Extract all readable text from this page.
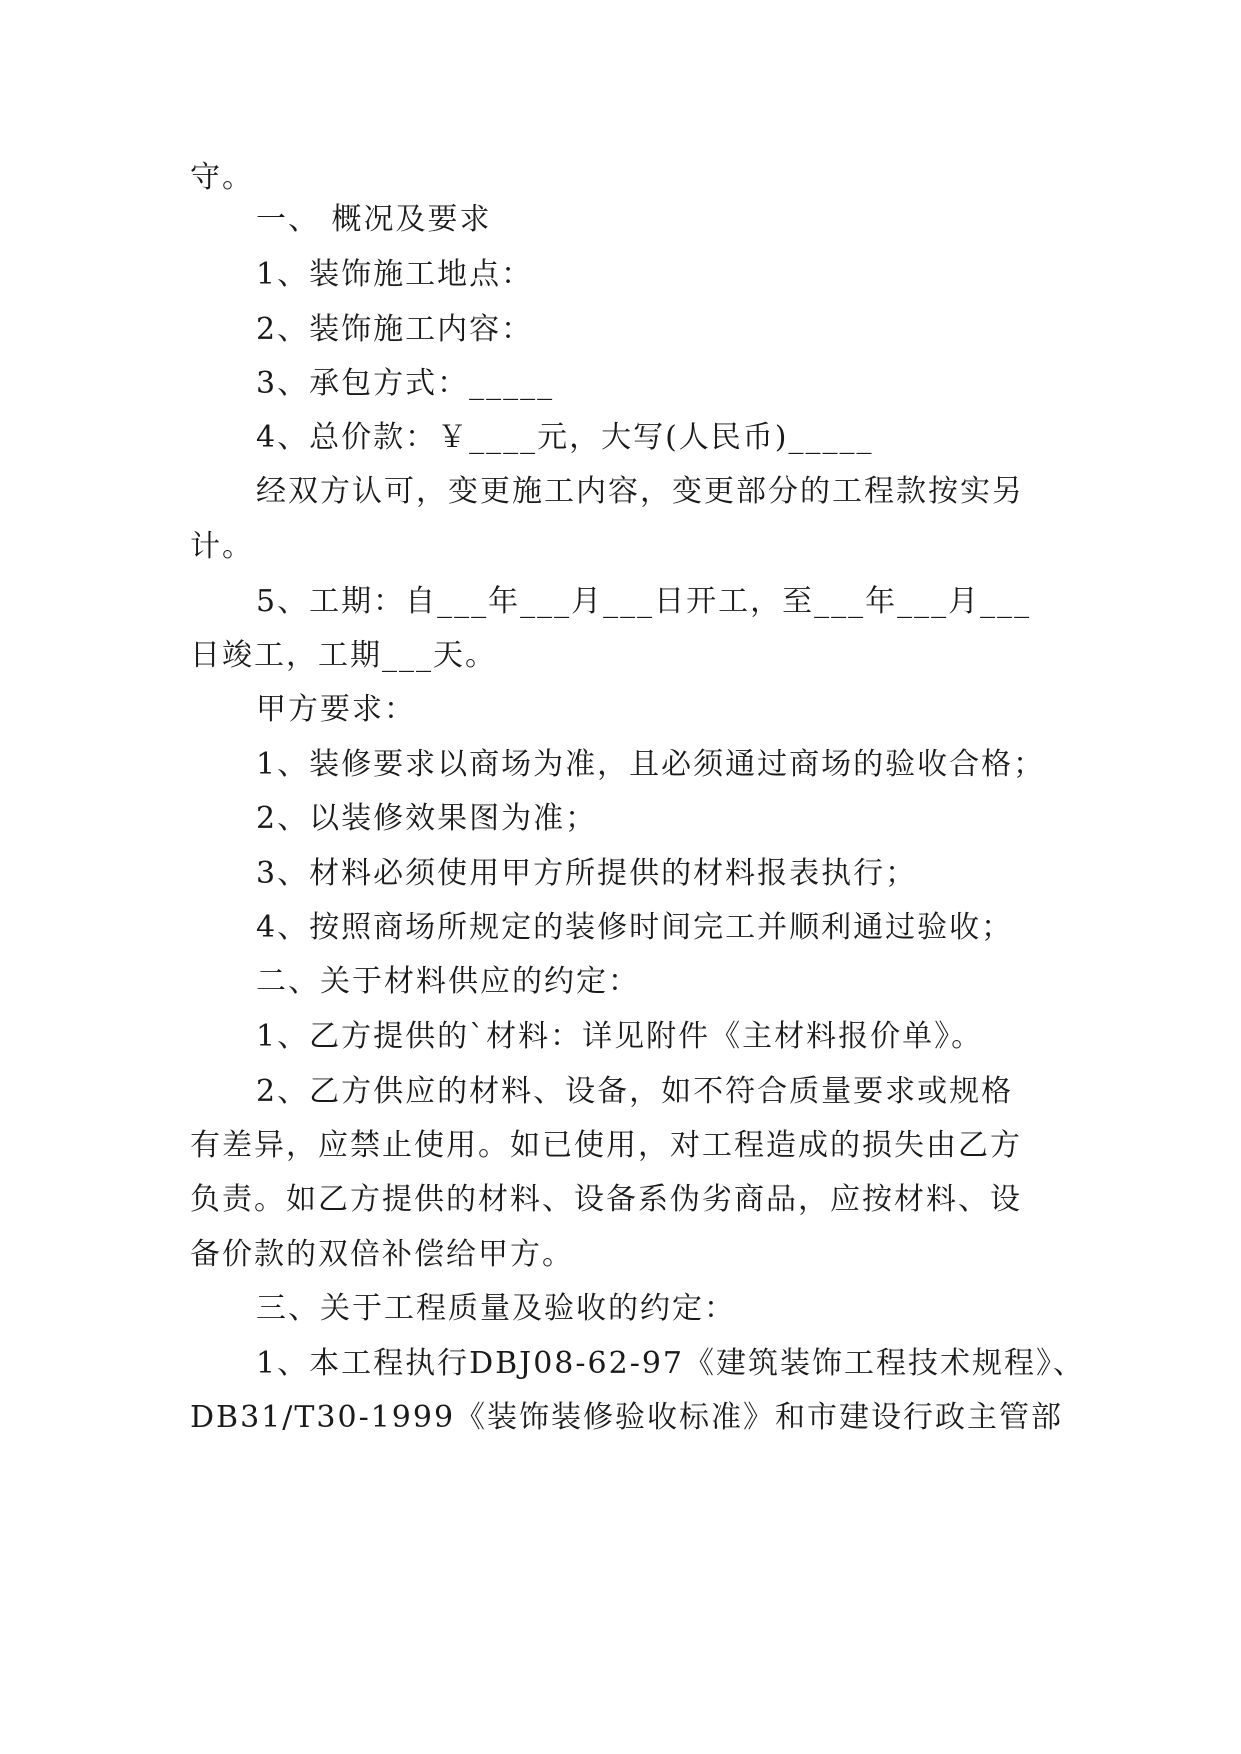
守。
一、 概况及要求
1、装饰施工地点：
2、装饰施工内容：
3、承包方式：_____
4、总价款：￥____元，大写(人民币)_____
经双方认可，变更施工内容，变更部分的工程款按实另
计。
5、工期：自___年___月___日开工，至___年___月___
日竣工，工期___天。
甲方要求：
1、装修要求以商场为准，且必须通过商场的验收合格；
2、以装修效果图为准；
3、材料必须使用甲方所提供的材料报表执行；
4、按照商场所规定的装修时间完工并顺利通过验收；
二、关于材料供应的约定：
1、乙方提供的`材料：详见附件《主材料报价单》。
2、乙方供应的材料、设备，如不符合质量要求或规格
有差异，应禁止使用。如已使用，对工程造成的损失由乙方
负责。如乙方提供的材料、设备系伪劣商品，应按材料、设
备价款的双倍补偿给甲方。
三、关于工程质量及验收的约定：
1、本工程执行DBJ08-62-97《建筑装饰工程技术规程》、
DB31/T30-1999《装饰装修验收标准》和市建设行政主管部
